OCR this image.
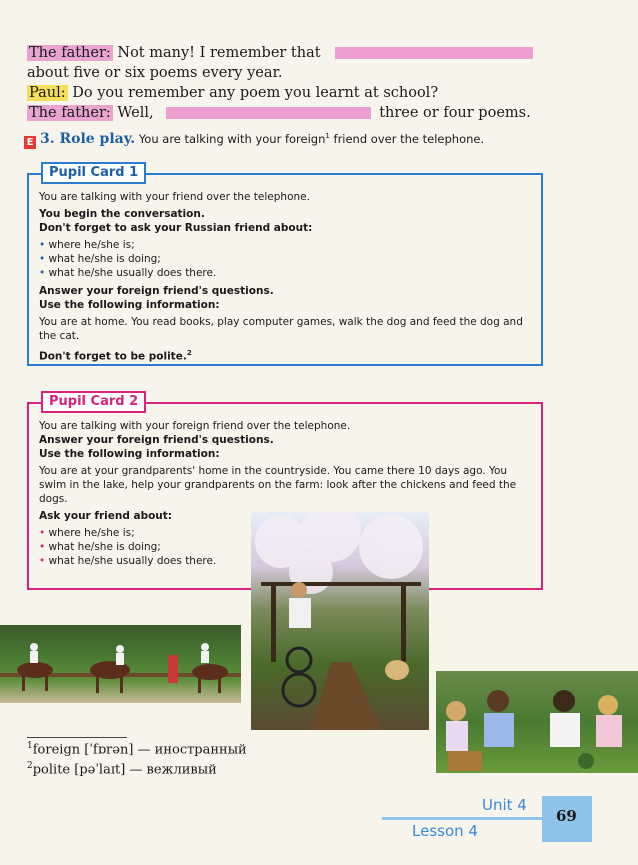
The father: Not many! I remember that
about five or six poems every year.
Paul: Do you remember any poem you learnt at school?
The father: Well,	three or four poems.
E 3. Role play. You are talking with your foreign$^1$ friend over the telephone.
Pupil Card 1

You are talking with your friend over the telephone.

You begin the conversation.

Don't forget to ask your Russian friend about:

• where he/she is;
• what he/she is doing;
• what he/she usually does there.

Answer your foreign friend's questions.

Use the following information:

You are at home. You read books, play computer games, walk the dog and feed the dog and the cat.

Don't forget to be polite.$^2$

Pupil Card 2

You are talking with your foreign friend over the telephone.

Answer your foreign friend's questions.

Use the following information:

You are at your grandparents' home in the countryside. You came there 10 days ago. You swim in the lake, help your grandparents on the farm: look after the chickens and feed the dogs.

Ask your friend about:

• where he/she is;
• what he/she is doing;
• what he/she usually does there.
$^1$foreign [ˈfɒrən] — иностранный
$^2$polite [pəˈlaɪt] — вежливый
Unit 4
Lesson 4
69
